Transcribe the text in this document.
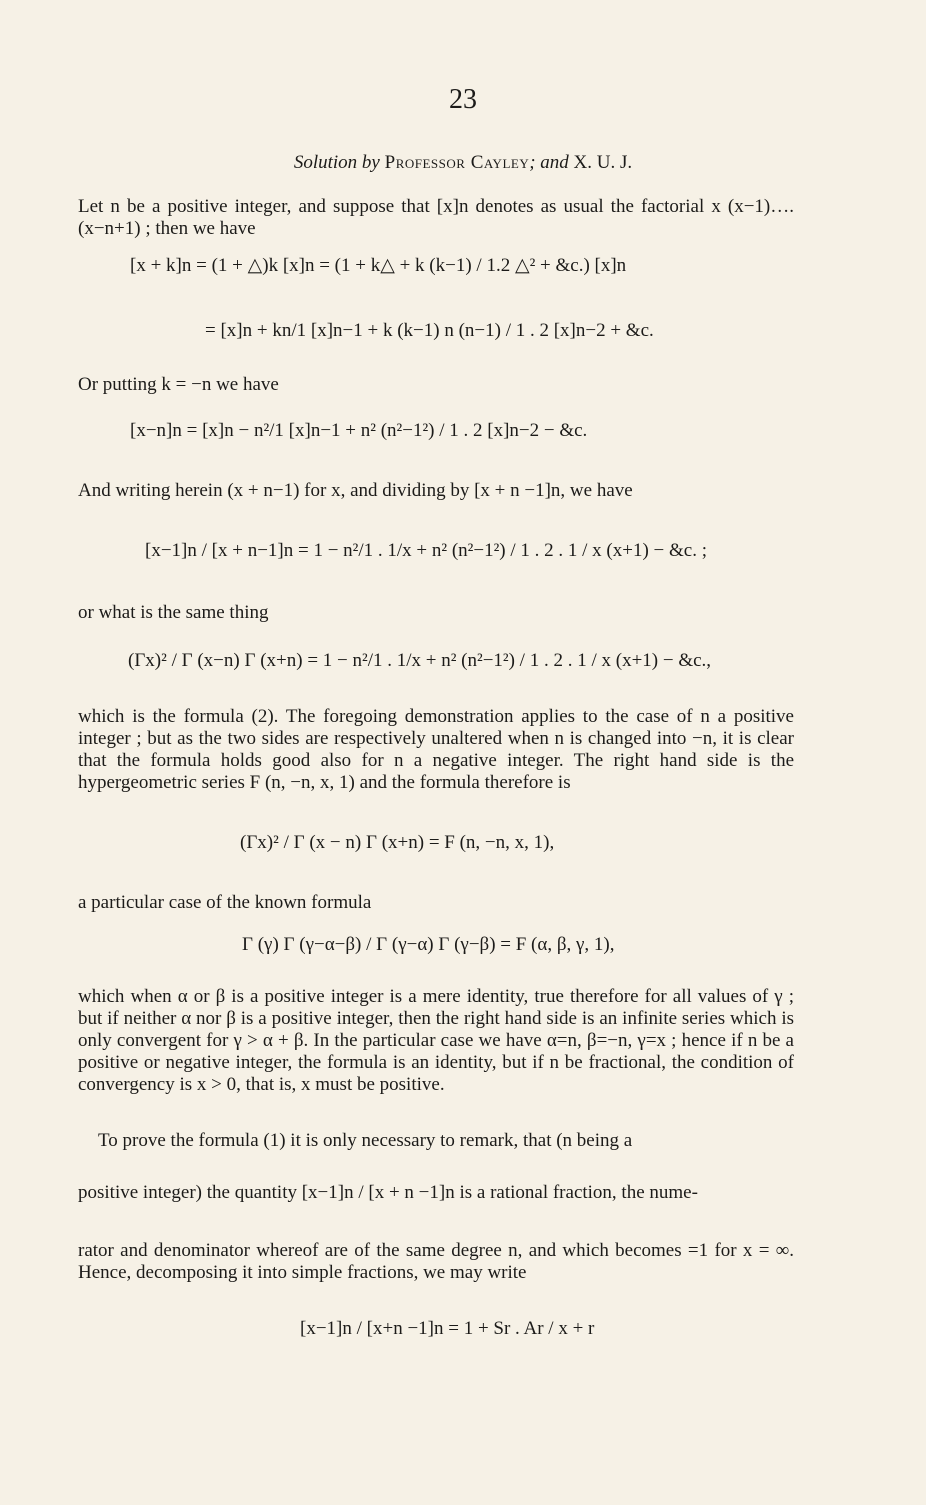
23
Solution by Professor Cayley; and X. U. J.

Let n be a positive integer, and suppose that [x]n denotes as usual the factorial x (x−1)…. (x−n+1) ; then we have

[x + k]n = (1 + △)k [x]n = (1 + k△ + k (k−1) / 1.2 △² + &c.) [x]n
= [x]n + kn/1 [x]n−1 + k (k−1) n (n−1) / 1 . 2 [x]n−2 + &c.

Or putting k = −n we have

[x−n]n = [x]n − n²/1 [x]n−1 + n² (n²−1²) / 1 . 2 [x]n−2 − &c.

And writing herein (x + n−1) for x, and dividing by [x + n −1]n, we have

[x−1]n / [x + n−1]n = 1 − n²/1 . 1/x + n² (n²−1²) / 1 . 2 . 1 / x (x+1) − &c. ;

or what is the same thing

(Γx)² / Γ (x−n) Γ (x+n) = 1 − n²/1 . 1/x + n² (n²−1²) / 1 . 2 . 1 / x (x+1) − &c.,

which is the formula (2). The foregoing demonstration applies to the case of n a positive integer ; but as the two sides are respectively unaltered when n is changed into −n, it is clear that the formula holds good also for n a negative integer. The right hand side is the hypergeometric series F (n, −n, x, 1) and the formula therefore is

(Γx)² / Γ (x − n) Γ (x+n) = F (n, −n, x, 1),

a particular case of the known formula

Γ (γ) Γ (γ−α−β) / Γ (γ−α) Γ (γ−β) = F (α, β, γ, 1),

which when α or β is a positive integer is a mere identity, true therefore for all values of γ ; but if neither α nor β is a positive integer, then the right hand side is an infinite series which is only convergent for γ > α + β. In the particular case we have α=n, β=−n, γ=x ; hence if n be a positive or negative integer, the formula is an identity, but if n be fractional, the condition of convergency is x > 0, that is, x must be positive.

To prove the formula (1) it is only necessary to remark, that (n being a

positive integer) the quantity [x−1]n / [x + n −1]n is a rational fraction, the nume-

rator and denominator whereof are of the same degree n, and which becomes =1 for x = ∞. Hence, decomposing it into simple fractions, we may write

[x−1]n / [x+n −1]n = 1 + Sr . Ar / x + r
